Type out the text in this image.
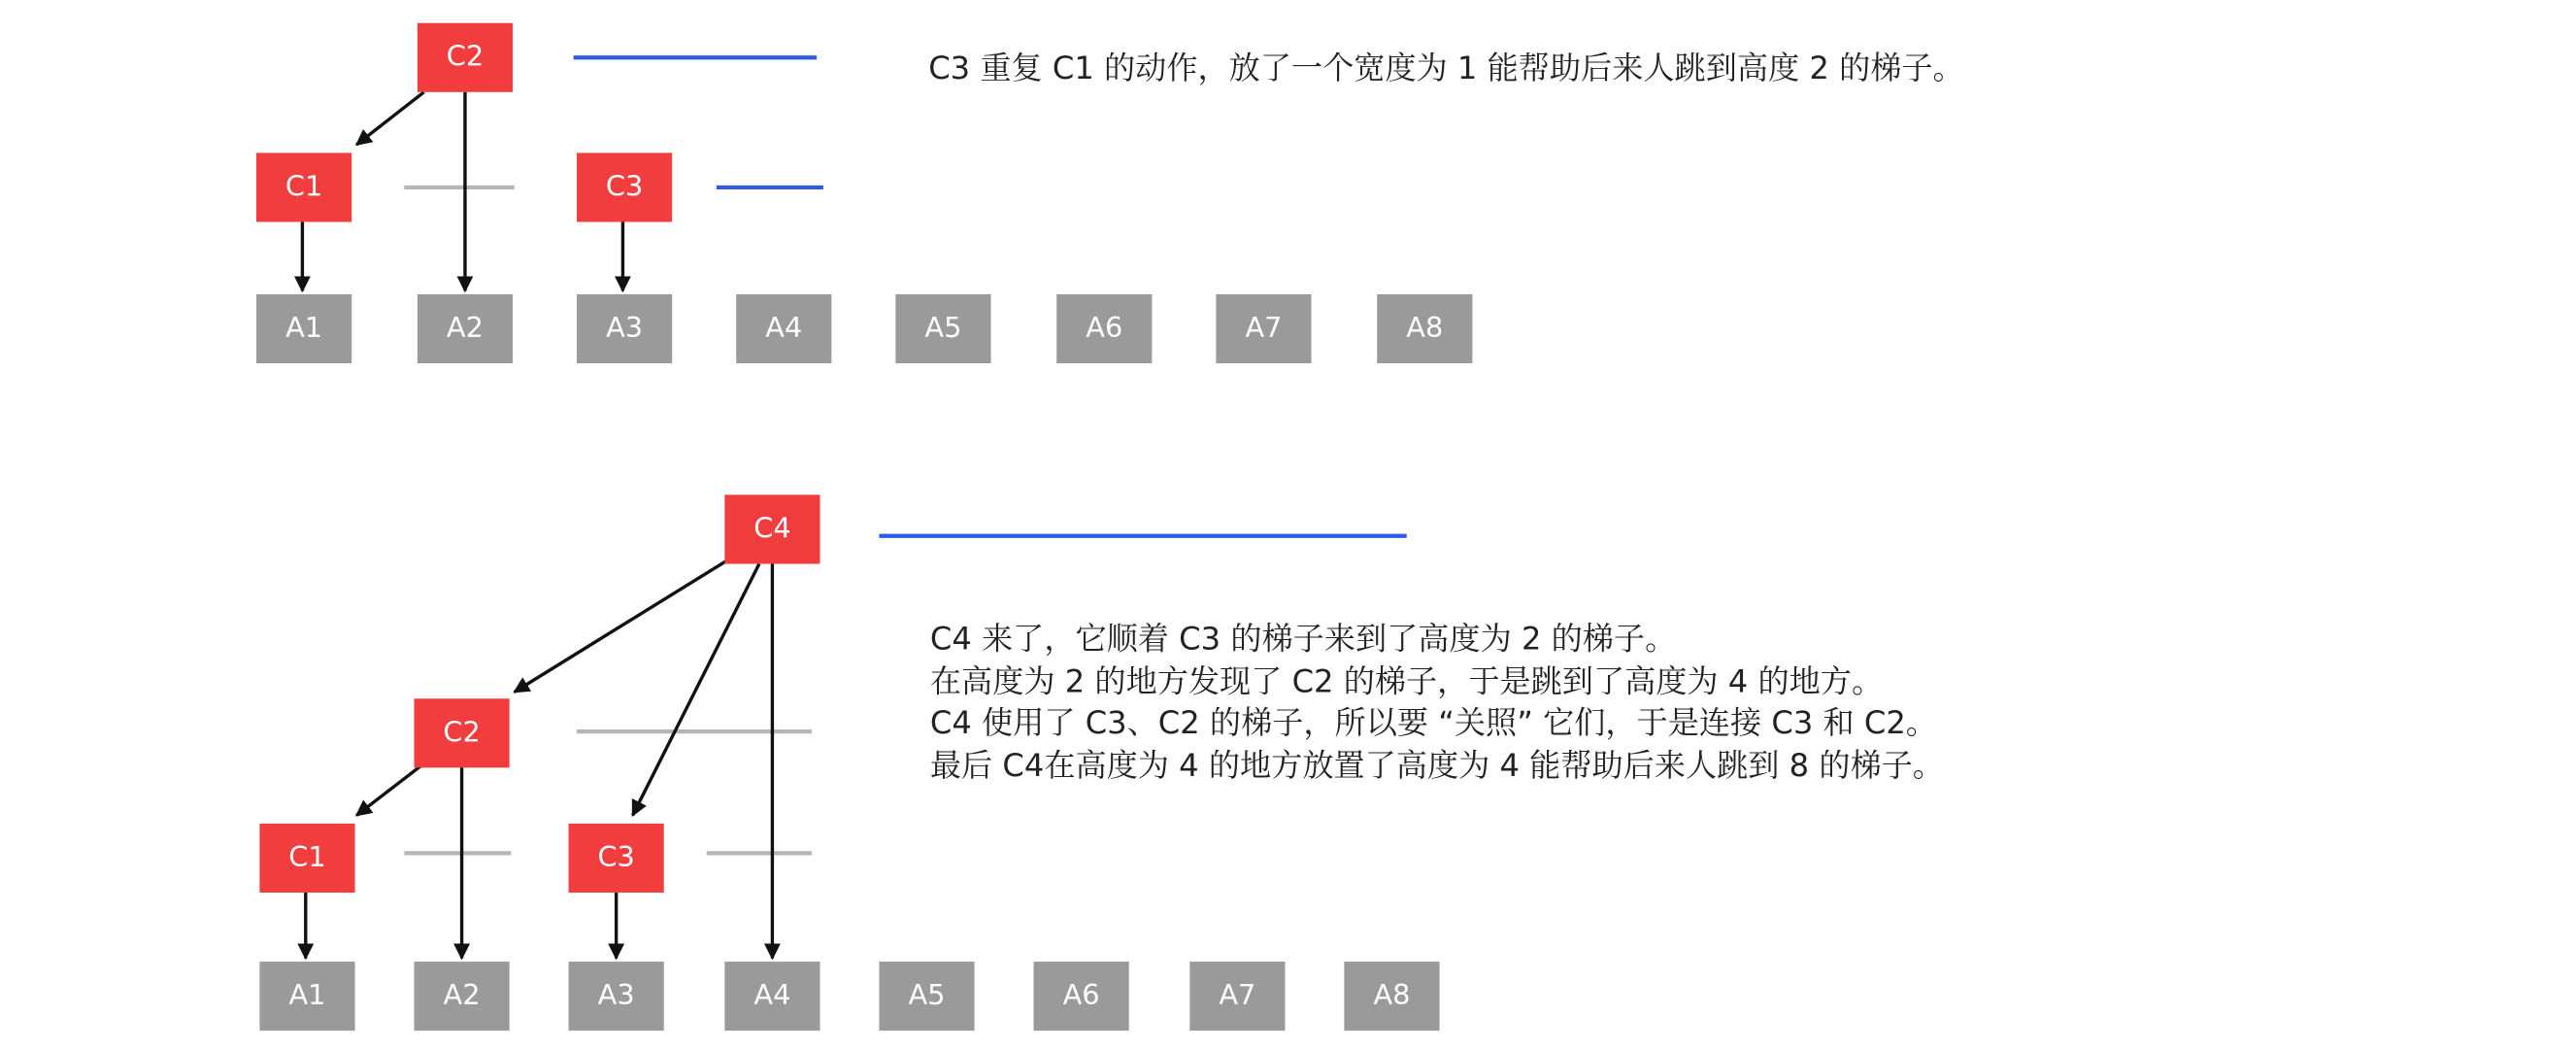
C2
C1	C3
A1	A2	A3	A4	A5	A6	A7	A8
C3 重复 C1 的动作，放了一个宽度为 1 能帮助后来人跳到高度 2 的梯子。
C4
C2
C1	C3
A1	A2	A3	A4	A5	A6	A7	A8
C4 来了，它顺着 C3 的梯子来到了高度为 2 的梯子。
在高度为 2 的地方发现了 C2 的梯子，于是跳到了高度为 4 的地方。
C4 使用了 C3、C2 的梯子，所以要 “关照” 它们，于是连接 C3 和 C2。
最后 C4在高度为 4 的地方放置了高度为 4 能帮助后来人跳到 8 的梯子。
